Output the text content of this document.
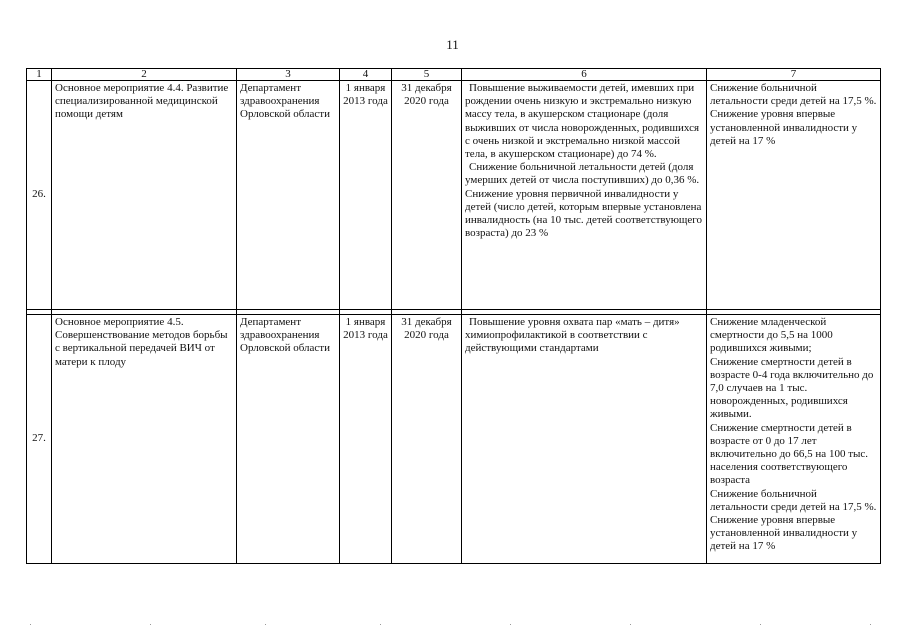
11
1	2	3	4	5	6	7
26.	Основное мероприятие 4.4. Развитие специализированной медицинской помощи детям	Департамент здравоохранения Орловской области	1 января 2013 года	31 декабря 2020 года	Повышение выживаемости детей, имевших при рождении очень низкую и экстремально низкую массу тела, в акушерском стационаре (доля выживших от числа новорожденных, родившихся с очень низкой и экстремально низкой массой тела, в акушерском стационаре) до 74 %.
Снижение больничной летальности детей (доля умерших детей от числа поступивших) до 0,36 %.
Снижение уровня первичной инвалидности у детей (число детей, которым впервые установлена инвалидность (на 10 тыс. детей соответствующего возраста) до 23 %	Снижение больничной летальности среди детей на 17,5 %.
Снижение уровня впервые установленной инвалидности у детей на 17 %

27.	Основное мероприятие 4.5. Совершенствование методов борьбы с вертикальной передачей ВИЧ от матери к плоду	Департамент здравоохранения Орловской области	1 января 2013 года	31 декабря 2020 года	Повышение уровня охвата пар «мать – дитя» химиопрофилактикой в соответствии с действующими стандартами	Снижение младенческой смертности до 5,5 на 1000 родившихся живыми;
Снижение смертности детей в возрасте 0-4 года включительно до 7,0 случаев на 1 тыс. новорожденных, родившихся живыми.
Снижение смертности детей в возрасте от 0 до 17 лет включительно до 66,5 на 100 тыс. населения соответствующего возраста
Снижение больничной летальности среди детей на 17,5 %. Снижение уровня впервые установленной инвалидности у детей на 17 %
